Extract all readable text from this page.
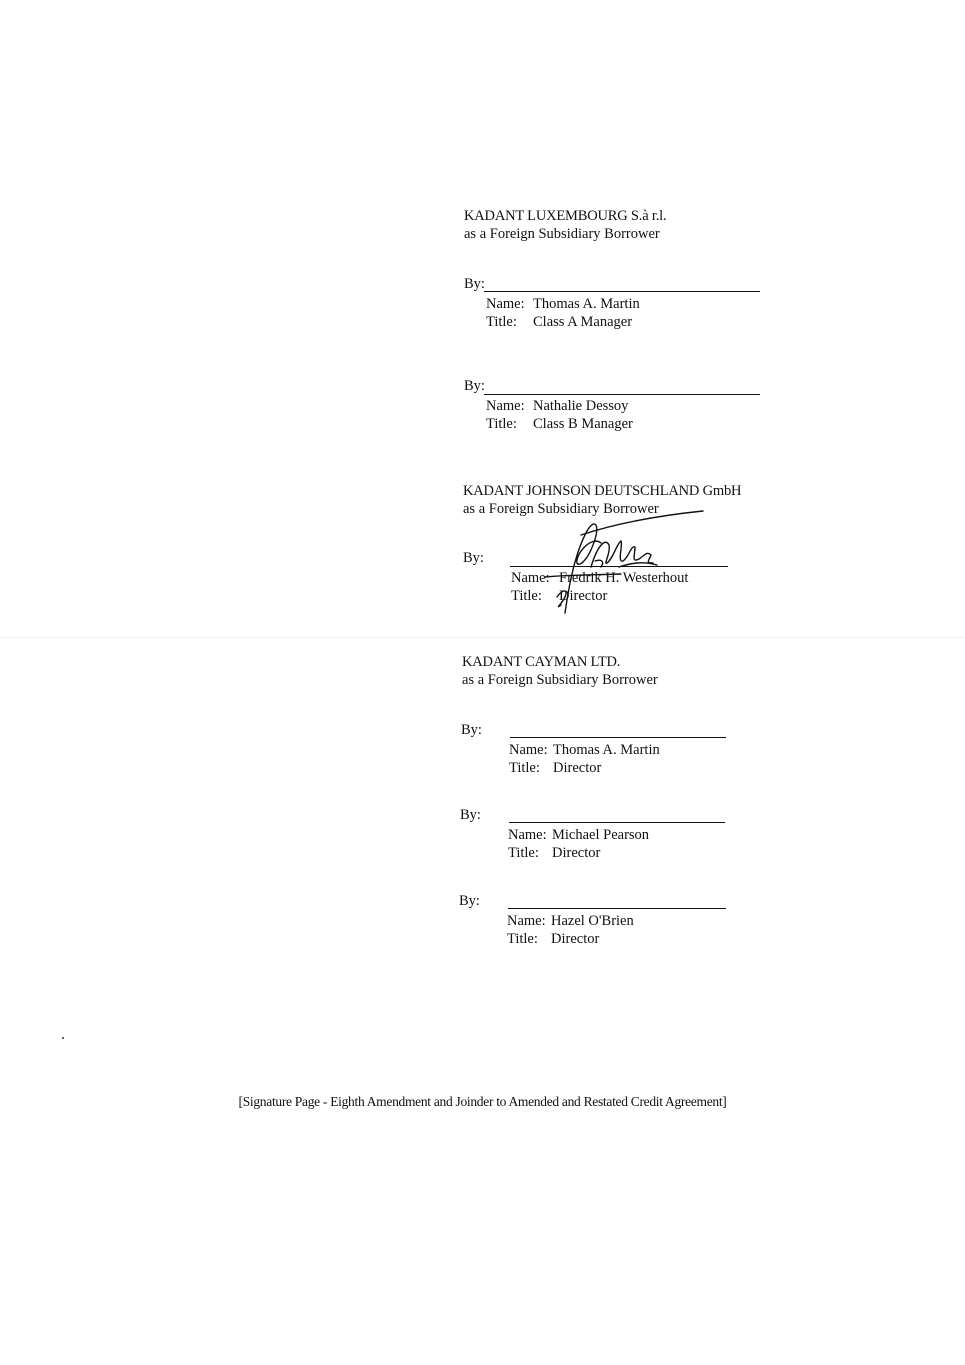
KADANT LUXEMBOURG S.à r.l.
as a Foreign Subsidiary Borrower
By:
Name: Thomas A. Martin
Title: Class A Manager
By:
Name: Nathalie Dessoy
Title: Class B Manager
KADANT JOHNSON DEUTSCHLAND GmbH
as a Foreign Subsidiary Borrower
By:
Name: Fredrik H. Westerhout
Title: Director
KADANT CAYMAN LTD.
as a Foreign Subsidiary Borrower
By:
Name: Thomas A. Martin
Title: Director
By:
Name: Michael Pearson
Title: Director
By:
Name: Hazel O'Brien
Title: Director
[Signature Page - Eighth Amendment and Joinder to Amended and Restated Credit Agreement]
